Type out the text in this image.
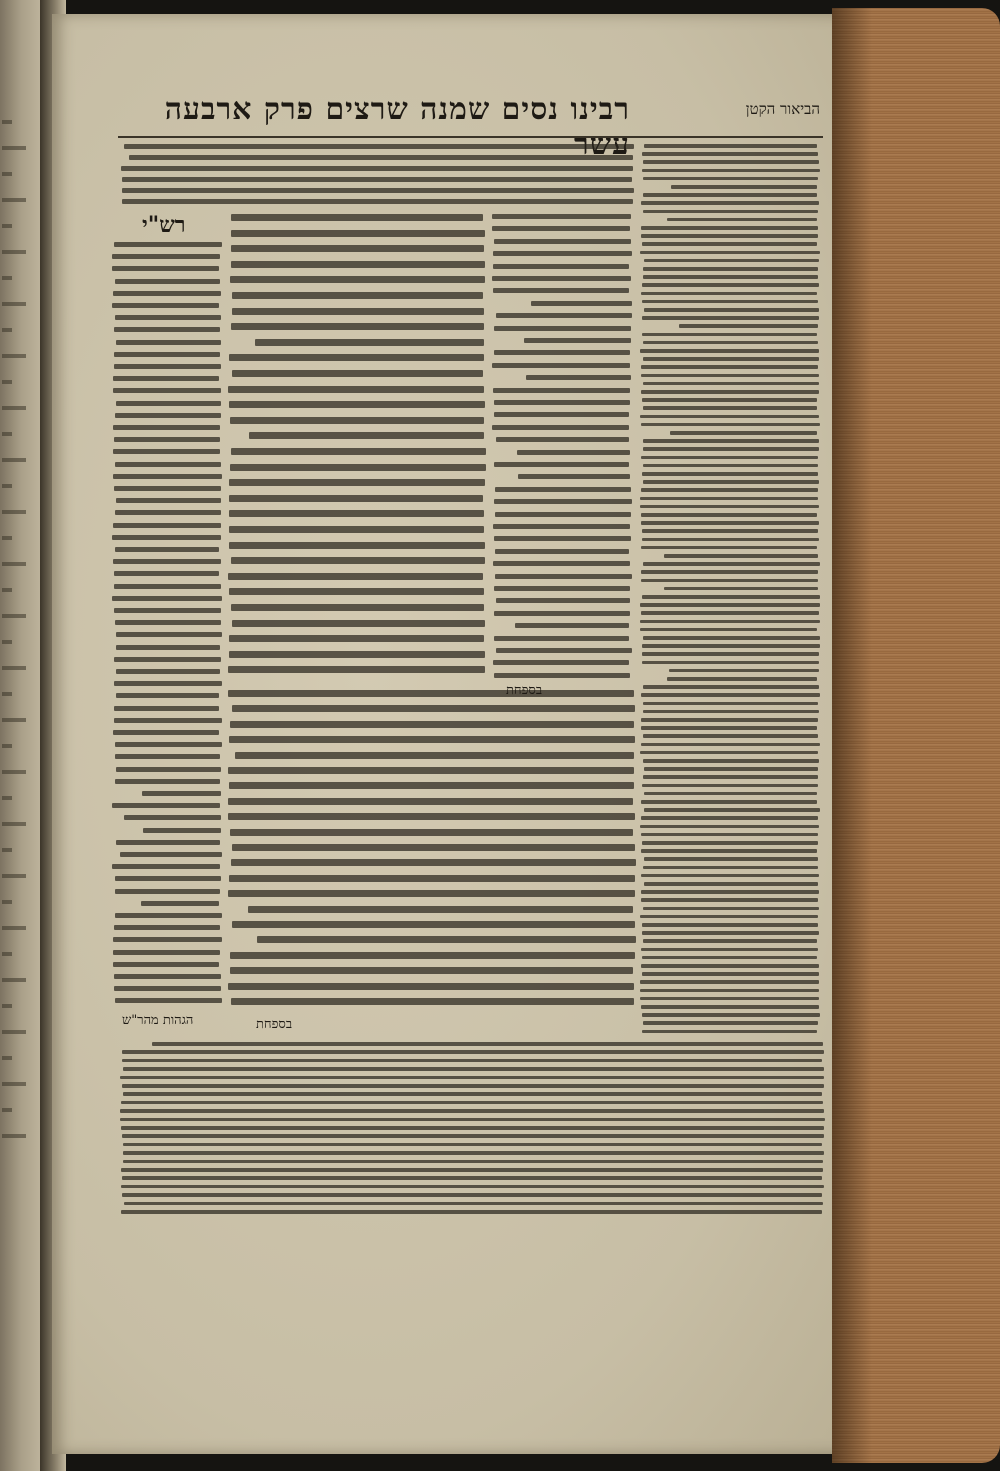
הביאור הקטן
רבינו נסים שמנה שרצים פרק ארבעה
בספחת
בספחת
רש"י
הגהות מהר"ש
